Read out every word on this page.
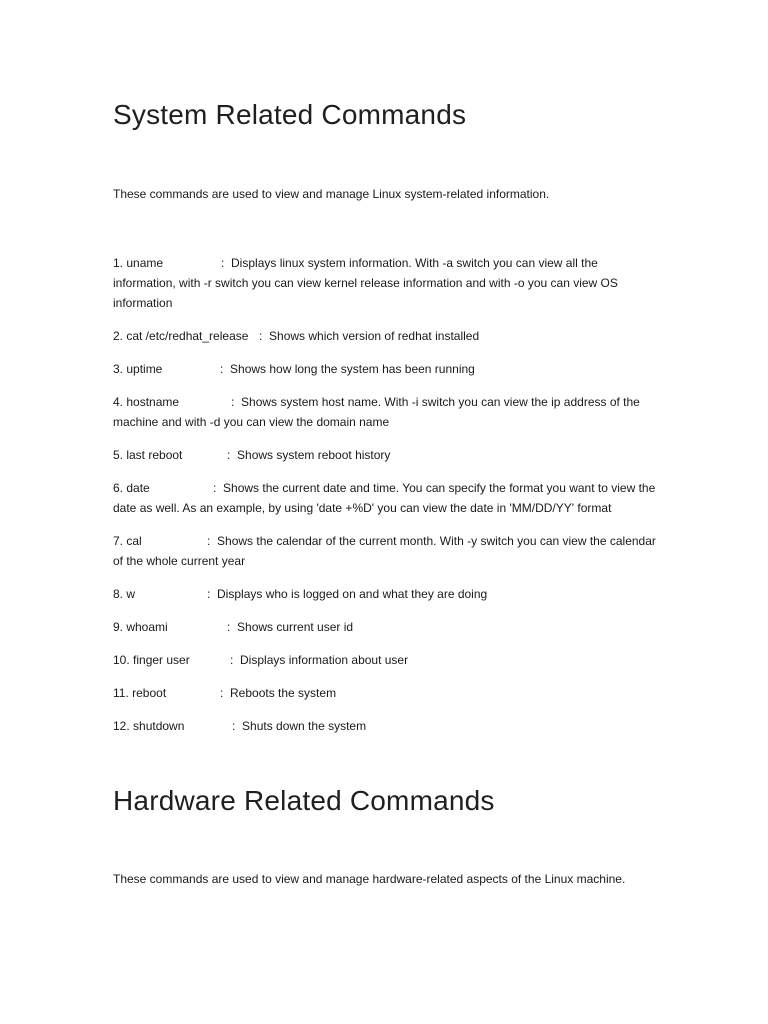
System Related Commands

These commands are used to view and manage Linux system-related information.

1. uname	: Displays linux system information. With -a switch you can view all the information, with -r switch you can view kernel release information and with -o you can view OS information

2. cat /etc/redhat_release : Shows which version of redhat installed

3. uptime	: Shows how long the system has been running

4. hostname	: Shows system host name. With -i switch you can view the ip address of the machine and with -d you can view the domain name

5. last reboot	: Shows system reboot history

6. date	: Shows the current date and time. You can specify the format you want to view the date as well. As an example, by using 'date +%D' you can view the date in 'MM/DD/YY' format

7. cal	: Shows the calendar of the current month. With -y switch you can view the calendar of the whole current year

8. w	: Displays who is logged on and what they are doing

9. whoami	: Shows current user id

10. finger user	: Displays information about user

11. reboot	: Reboots the system

12. shutdown	: Shuts down the system

Hardware Related Commands

These commands are used to view and manage hardware-related aspects of the Linux machine.
